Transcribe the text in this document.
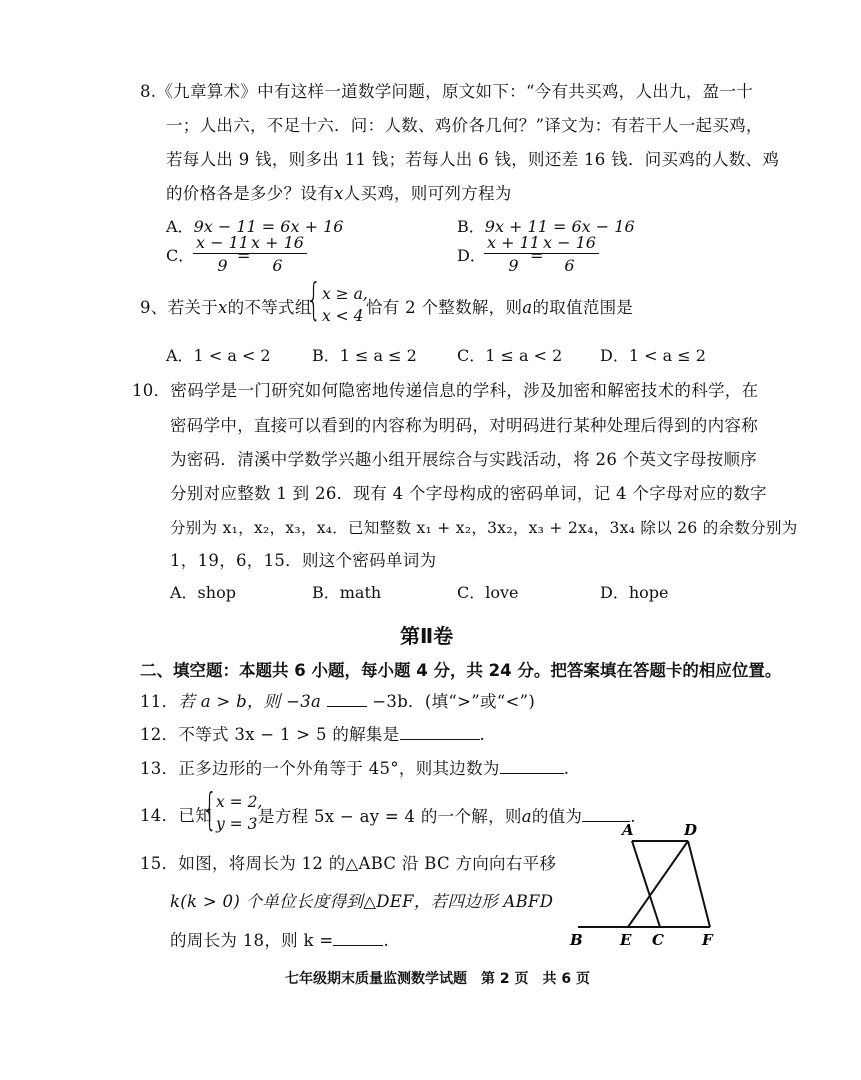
8.《九章算术》中有这样一道数学问题，原文如下：“今有共买鸡，人出九，盈一十
一；人出六，不足十六．问：人数、鸡价各几何？”译文为：有若干人一起买鸡，
若每人出 9 钱，则多出 11 钱；若每人出 6 钱，则还差 16 钱．问买鸡的人数、鸡
的价格各是多少？设有x人买鸡，则可列方程为
A．9x − 11 = 6x + 16	B．9x + 11 = 6x − 16
C．
$\frac{x - 11}{9}$
=
$\frac{x + 16}{6}$	D．
$\frac{x + 11}{9}$
=
$\frac{x - 16}{6}$
9、若关于x的不等式组
{ x ≥ a,
x < 4 恰有 2 个整数解，则a的取值范围是
A．1 < a < 2	B．1 ≤ a ≤ 2	C．1 ≤ a < 2 D．1 < a ≤ 2
10．密码学是一门研究如何隐密地传递信息的学科，涉及加密和解密技术的科学，在
密码学中，直接可以看到的内容称为明码，对明码进行某种处理后得到的内容称
为密码．清溪中学数学兴趣小组开展综合与实践活动，将 26 个英文字母按顺序
分别对应整数 1 到 26．现有 4 个字母构成的密码单词，记 4 个字母对应的数字
分别为 x₁，x₂，x₃，x₄．已知整数 x₁ + x₂，3x₂，x₃ + 2x₄，3x₄ 除以 26 的余数分别为
1，19，6，15．则这个密码单词为
A．shop	B．math	C．love	D．hope
第Ⅱ卷
二、填空题：本题共 6 小题，每小题 4 分，共 24 分。把答案填在答题卡的相应位置。
11．若 a > b，则 −3a	−3b．(填“>”或“<”)
12．不等式 3x − 1 > 5 的解集是	.
13．正多边形的一个外角等于 45°，则其边数为	.
14．已知
{
x = 2,
y = 3 是方程 5x − ay = 4 的一个解，则a的值为	.
15．如图，将周长为 12 的△ABC 沿 BC 方向向右平移
k(k > 0) 个单位长度得到△DEF，若四边形 ABFD
的周长为 18，则 k =	.
A	D
B E C	F
七年级期末质量监测数学试题　第 2 页　共 6 页
